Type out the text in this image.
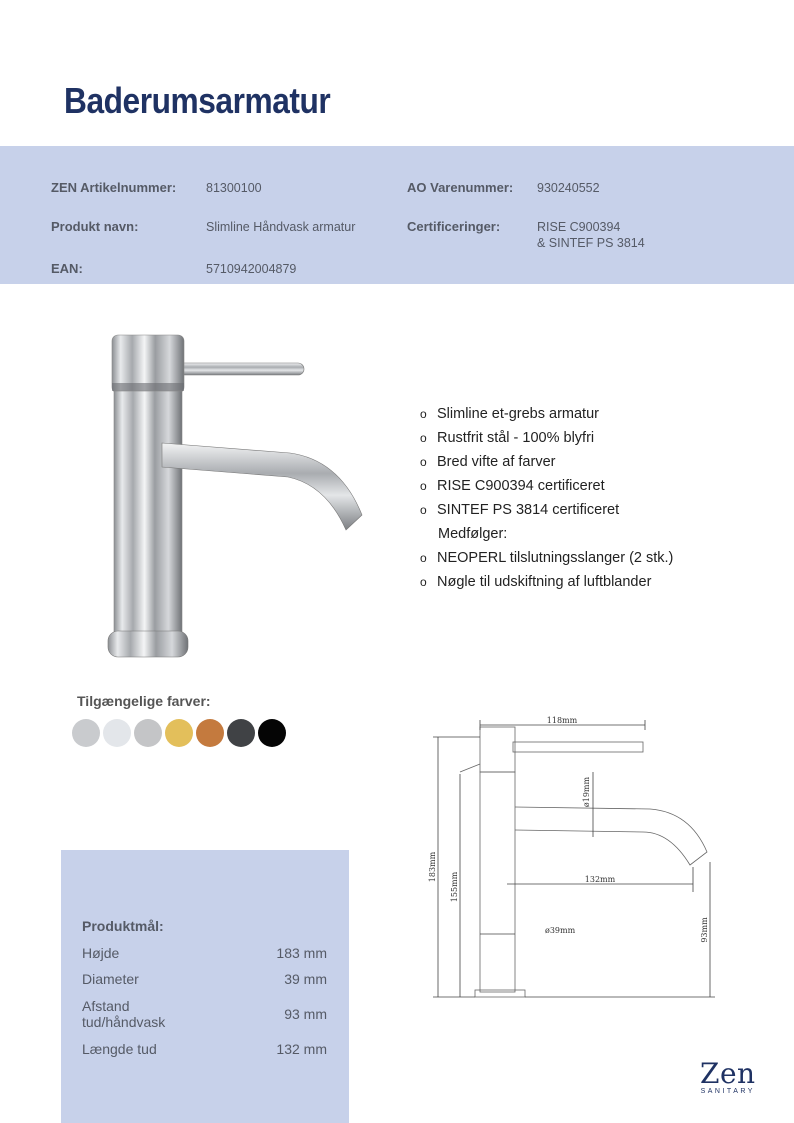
Baderumsarmatur
ZEN Artikelnummer: 81300100	AO Varenummer: 930240552
Produkt navn:	Slimline Håndvask armatur	Certificeringer:	RISE C900394
& SINTEF PS 3814
EAN:	5710942004879
o Slimline et-grebs armatur
o Rustfrit stål - 100% blyfri
o Bred vifte af farver
o RISE C900394 certificeret
o SINTEF PS 3814 certificeret
Medfølger:
o NEOPERL tilslutningsslanger (2 stk.)
o Nøgle til udskiftning af luftblander
Tilgængelige farver:
Produktmål:
Højde	183 mm
Diameter	39 mm
Afstand
tud/håndvask	93 mm
Længde tud	132 mm
118mm
183mm
155mm
ø19mm
132mm
93mm
ø39mm
Zen
SANITARY
